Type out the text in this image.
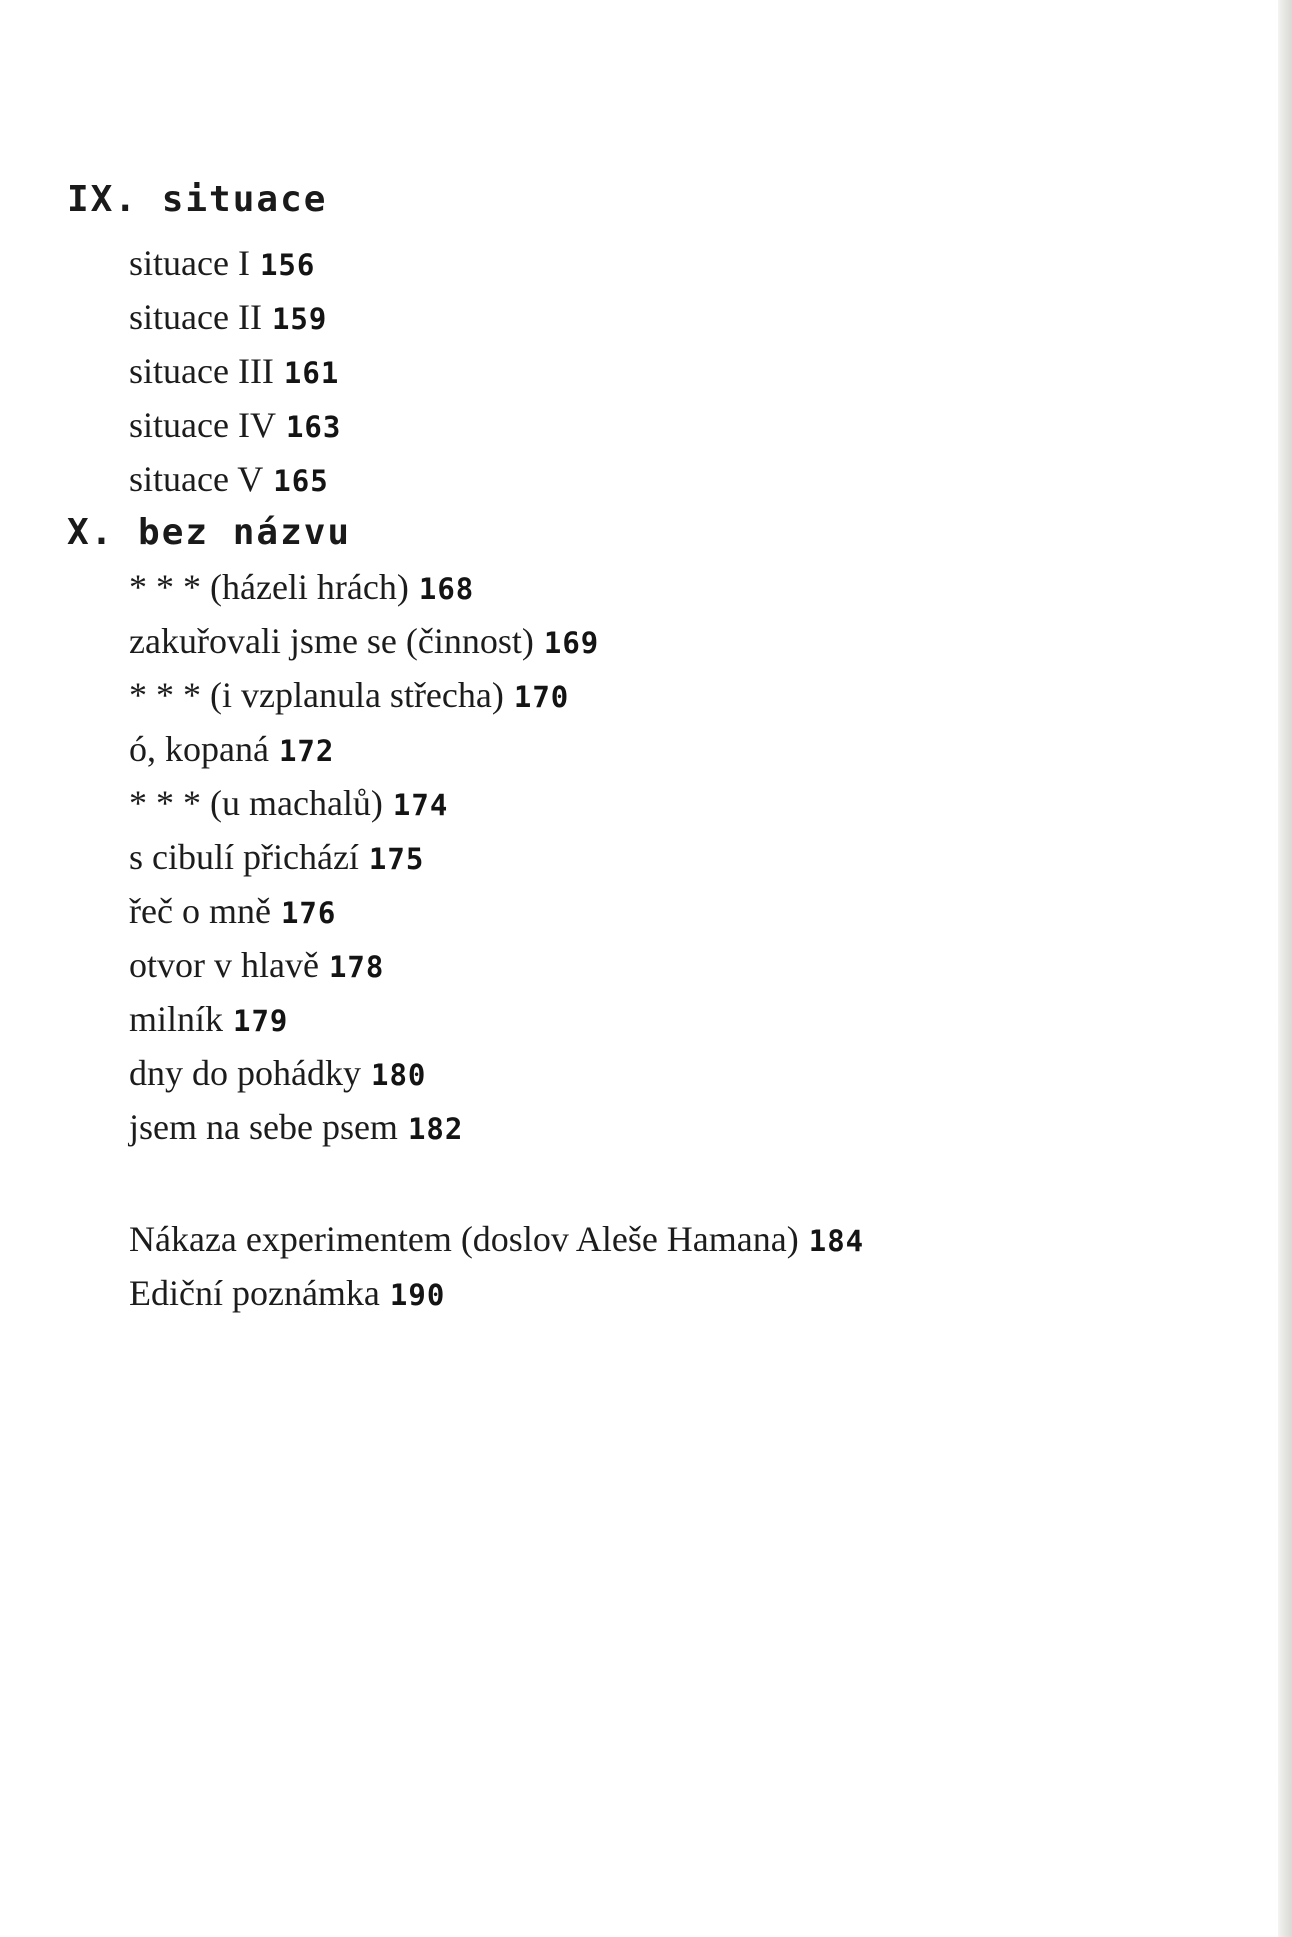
IX. situace
situace I 156
situace II 159
situace III 161
situace IV 163
situace V 165
X. bez názvu
* * * (házeli hrách) 168
zakuřovali jsme se (činnost) 169
* * * (i vzplanula střecha) 170
ó, kopaná 172
* * * (u machalů) 174
s cibulí přichází 175
řeč o mně 176
otvor v hlavě 178
milník 179
dny do pohádky 180
jsem na sebe psem 182
Nákaza experimentem (doslov Aleše Hamana) 184
Ediční poznámka 190
